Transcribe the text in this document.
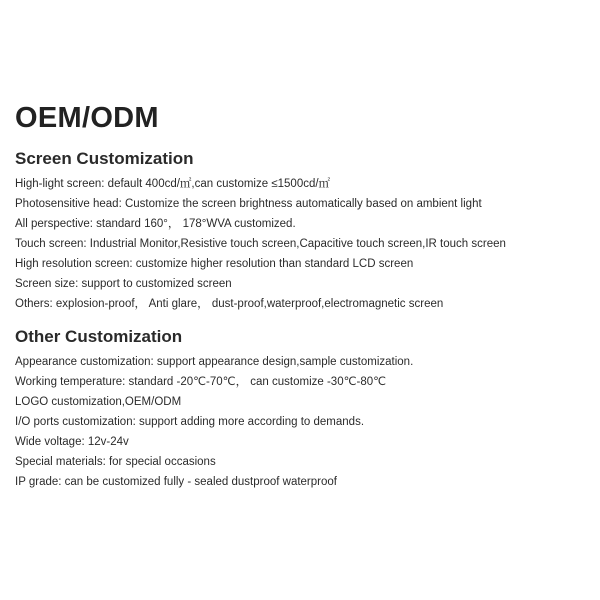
OEM/ODM
Screen Customization
High-light screen: default 400cd/㎡,can customize ≤1500cd/㎡
Photosensitive head: Customize the screen brightness automatically based on ambient light
All perspective: standard 160°， 178°WVA customized.
Touch screen: Industrial Monitor,Resistive touch screen,Capacitive touch screen,IR touch screen
High resolution screen: customize higher resolution than standard LCD screen
Screen size: support to customized screen
Others: explosion-proof， Anti glare， dust-proof,waterproof,electromagnetic screen
Other Customization
Appearance customization: support appearance design,sample customization.
Working temperature: standard -20℃-70℃， can customize -30℃-80℃
LOGO customization,OEM/ODM
I/O ports customization: support adding more according to demands.
Wide voltage: 12v-24v
Special materials: for special occasions
IP grade: can be customized fully - sealed dustproof waterproof
